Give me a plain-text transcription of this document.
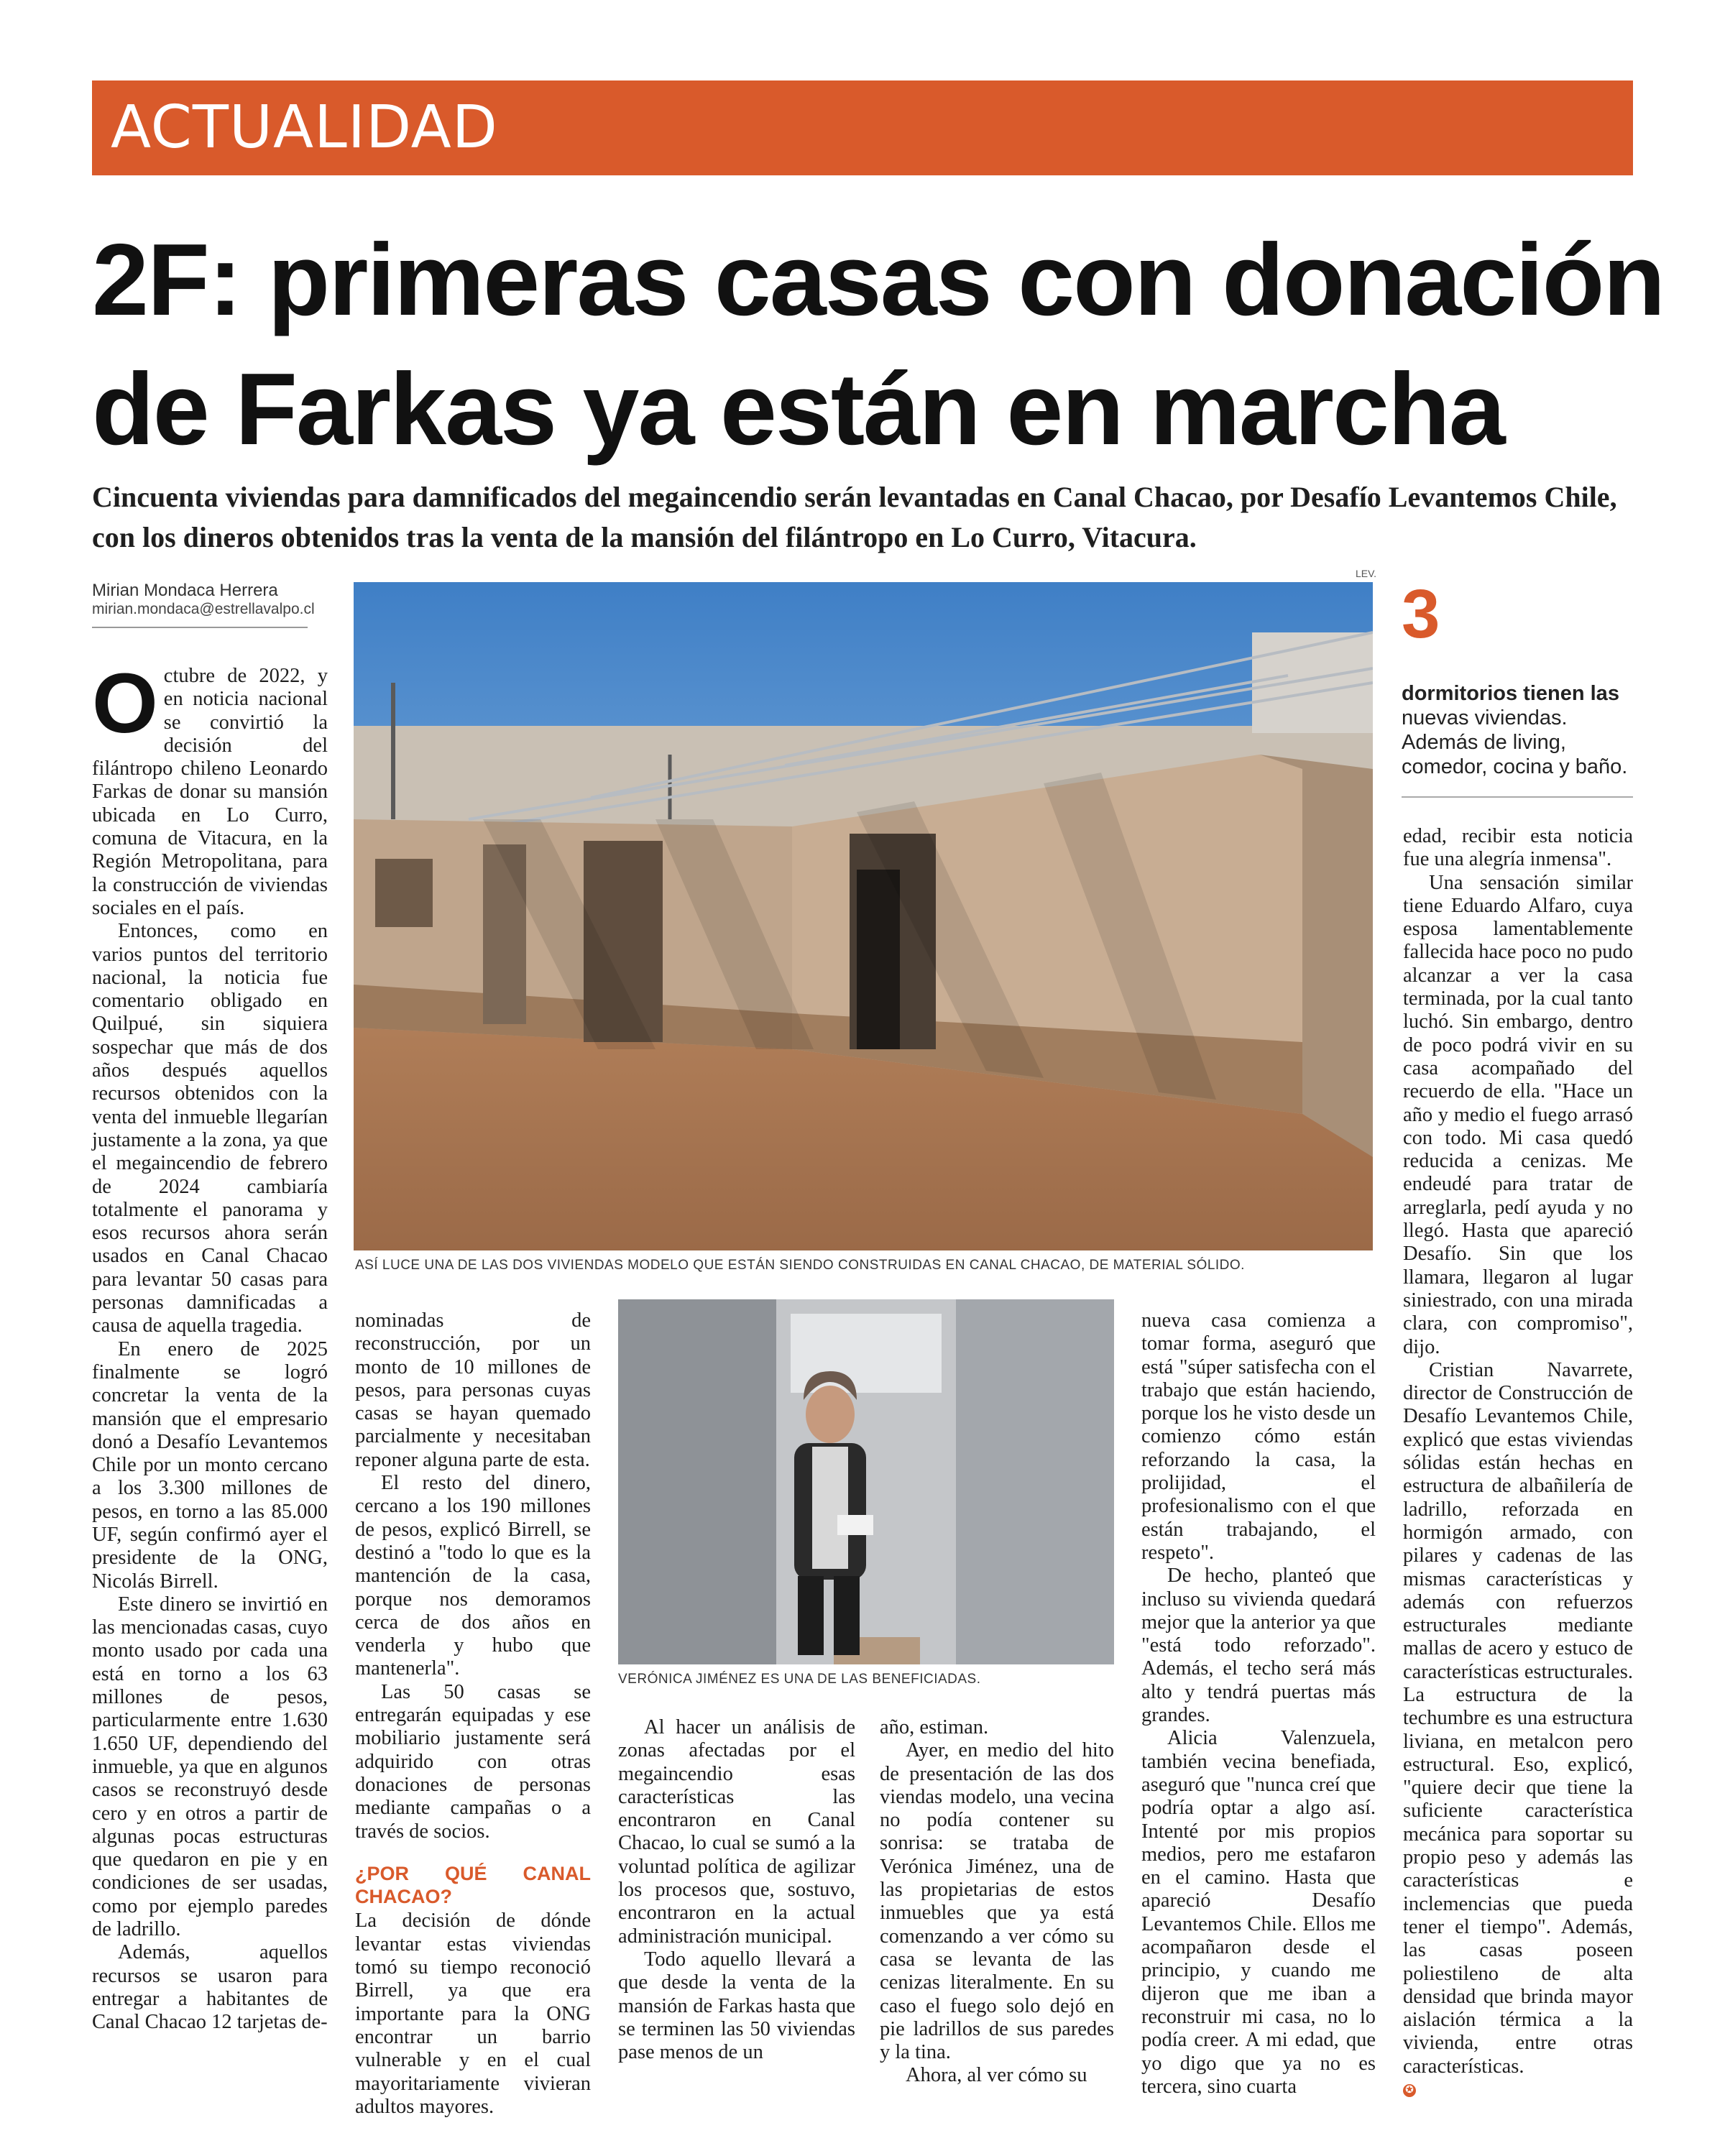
ACTUALIDAD
2F: primeras casas con donación
de Farkas ya están en marcha
Cincuenta viviendas para damnificados del megaincendio serán levantadas en Canal Chacao, por Desafío Levantemos Chile, con los dineros obtenidos tras la venta de la mansión del filántropo en Lo Curro, Vitacura.
Mirian Mondaca Herrera
mirian.mondaca@estrellavalpo.cl
LEV.
ASÍ LUCE UNA DE LAS DOS VIVIENDAS MODELO QUE ESTÁN SIENDO CONSTRUIDAS EN CANAL CHACAO, DE MATERIAL SÓLIDO.
3
dormitorios tienen las nuevas viviendas. Además de living, comedor, cocina y baño.
VERÓNICA JIMÉNEZ ES UNA DE LAS BENEFICIADAS.

Octubre de 2022, y en noticia nacional se convirtió la decisión del filántropo chileno Leonardo Farkas de donar su mansión ubicada en Lo Curro, comuna de Vitacura, en la Región Metropolitana, para la construcción de viviendas sociales en el país.

Entonces, como en varios puntos del territorio nacional, la noticia fue comentario obligado en Quilpué, sin siquiera sospechar que más de dos años después aquellos recursos obtenidos con la venta del inmueble llegarían justamente a la zona, ya que el megaincendio de febrero de 2024 cambiaría totalmente el panorama y esos recursos ahora serán usados en Canal Chacao para levantar 50 casas para personas damnificadas a causa de aquella tragedia.

En enero de 2025 finalmente se logró concretar la venta de la mansión que el empresario donó a Desafío Levantemos Chile por un monto cercano a los 3.300 millones de pesos, en torno a las 85.000 UF, según confirmó ayer el presidente de la ONG, Nicolás Birrell.

Este dinero se invirtió en las mencionadas casas, cuyo monto usado por cada una está en torno a los 63 millones de pesos, particularmente entre 1.630 1.650 UF, dependiendo del inmueble, ya que en algunos casos se reconstruyó desde cero y en otros a partir de algunas pocas estructuras que quedaron en pie y en condiciones de ser usadas, como por ejemplo paredes de ladrillo.

Además, aquellos recursos se usaron para entregar a habitantes de Canal Chacao 12 tarjetas de-

nominadas de reconstrucción, por un monto de 10 millones de pesos, para personas cuyas casas se hayan quemado parcialmente y necesitaban reponer alguna parte de esta.

El resto del dinero, cercano a los 190 millones de pesos, explicó Birrell, se destinó a "todo lo que es la mantención de la casa, porque nos demoramos cerca de dos años en venderla y hubo que mantenerla".

Las 50 casas se entregarán equipadas y ese mobiliario justamente será adquirido con otras donaciones de personas mediante campañas o a través de socios.

¿POR QUÉ CANAL CHACAO?

La decisión de dónde levantar estas viviendas tomó su tiempo reconoció Birrell, ya que era importante para la ONG encontrar un barrio vulnerable y en el cual mayoritariamente vivieran adultos mayores.

Al hacer un análisis de zonas afectadas por el megaincendio esas características las encontraron en Canal Chacao, lo cual se sumó a la voluntad política de agilizar los procesos que, sostuvo, encontraron en la actual administración municipal.

Todo aquello llevará a que desde la venta de la mansión de Farkas hasta que se terminen las 50 viviendas pase menos de un

año, estiman.

Ayer, en medio del hito de presentación de las dos viendas modelo, una vecina no podía contener su sonrisa: se trataba de Verónica Jiménez, una de las propietarias de estos inmuebles que ya está comenzando a ver cómo su casa se levanta de las cenizas literalmente. En su caso el fuego solo dejó en pie ladrillos de sus paredes y la tina.

Ahora, al ver cómo su

nueva casa comienza a tomar forma, aseguró que está "súper satisfecha con el trabajo que están haciendo, porque los he visto desde un comienzo cómo están reforzando la casa, la prolijidad, el profesionalismo con el que están trabajando, el respeto".

De hecho, planteó que incluso su vivienda quedará mejor que la anterior ya que "está todo reforzado". Además, el techo será más alto y tendrá puertas más grandes.

Alicia Valenzuela, también vecina benefiada, aseguró que "nunca creí que podría optar a algo así. Intenté por mis propios medios, pero me estafaron en el camino. Hasta que apareció Desafío Levantemos Chile. Ellos me acompañaron desde el principio, y cuando me dijeron que me iban a reconstruir mi casa, no lo podía creer. A mi edad, que yo digo que ya no es tercera, sino cuarta

edad, recibir esta noticia fue una alegría inmensa".

Una sensación similar tiene Eduardo Alfaro, cuya esposa lamentablemente fallecida hace poco no pudo alcanzar a ver la casa terminada, por la cual tanto luchó. Sin embargo, dentro de poco podrá vivir en su casa acompañado del recuerdo de ella. "Hace un año y medio el fuego arrasó con todo. Mi casa quedó reducida a cenizas. Me endeudé para tratar de arreglarla, pedí ayuda y no llegó. Hasta que apareció Desafío. Sin que los llamara, llegaron al lugar siniestrado, con una mirada clara, con compromiso", dijo.

Cristian Navarrete, director de Construcción de Desafío Levantemos Chile, explicó que estas viviendas sólidas están hechas en estructura de albañilería de ladrillo, reforzada en hormigón armado, con pilares y cadenas de las mismas características y además con refuerzos estructurales mediante mallas de acero y estuco de características estructurales. La estructura de la techumbre es una estructura liviana, en metalcon pero estructural. Eso, explicó, "quiere decir que tiene la suficiente característica mecánica para soportar su propio peso y además las características e inclemencias que pueda tener el tiempo". Además, las casas poseen poliestileno de alta densidad que brinda mayor aislación térmica a la vivienda, entre otras características.

✪
